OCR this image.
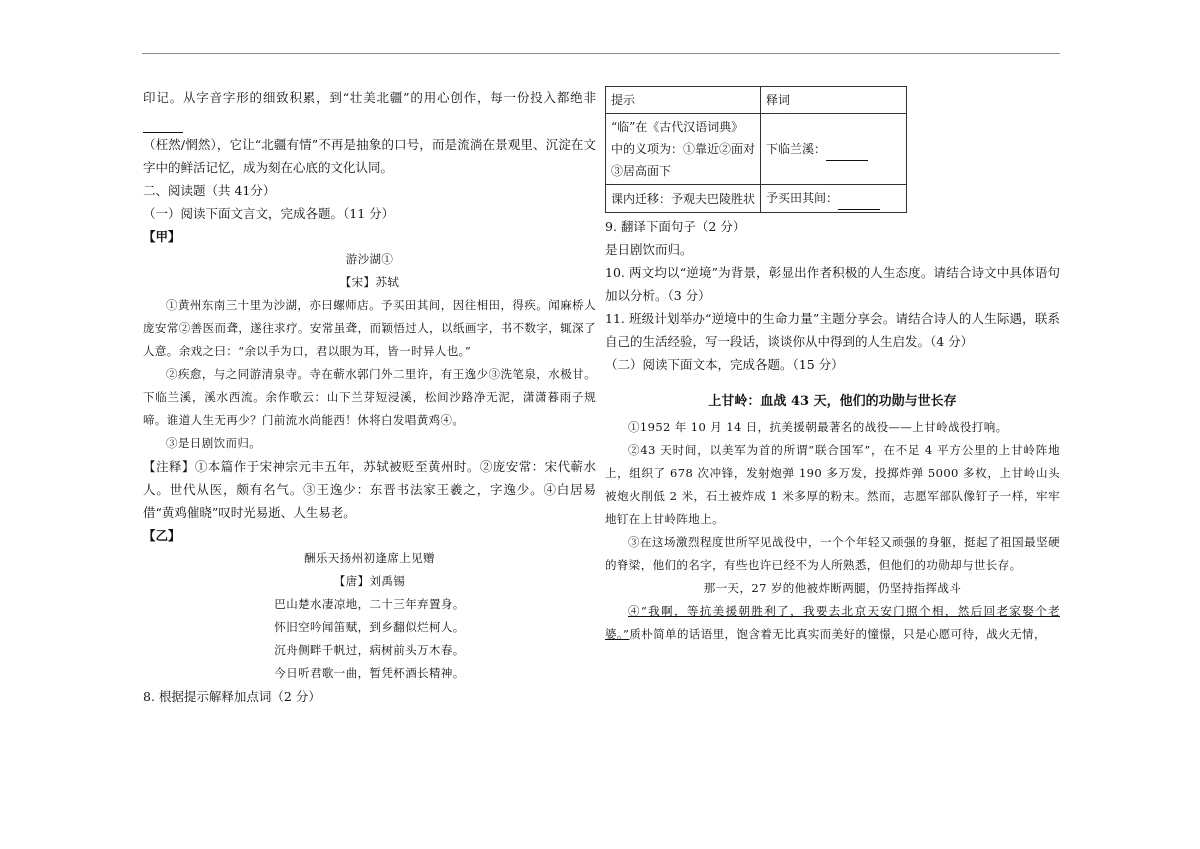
印记。从字音字形的细致积累，到“壮美北疆”的用心创作，每一份投入都绝非

（枉然/惘然），它让“北疆有情”不再是抽象的口号，而是流淌在景观里、沉淀在文字中的鲜活记忆，成为刻在心底的文化认同。

二、阅读题（共 41分）

（一）阅读下面文言文，完成各题。（11 分）

【甲】

游沙湖①

【宋】苏轼

①黄州东南三十里为沙湖，亦曰螺师店。予买田其间，因往相田，得疾。闻麻桥人庞安常②善医而聋，遂往求疗。安常虽聋，而颖悟过人，以纸画字，书不数字，辄深了人意。余戏之曰：“余以手为口，君以眼为耳，皆一时异人也。”

②疾愈，与之同游清泉寺。寺在蕲水郭门外二里许，有王逸少③洗笔泉，水极甘。下临兰溪，溪水西流。余作歌云：山下兰芽短浸溪，松间沙路净无泥，潇潇暮雨子规啼。谁道人生无再少？门前流水尚能西！休将白发唱黄鸡④。

③是日剧饮而归。

【注释】①本篇作于宋神宗元丰五年，苏轼被贬至黄州时。②庞安常：宋代蕲水人。世代从医，颇有名气。③王逸少：东晋书法家王羲之，字逸少。④白居易借“黄鸡催晓”叹时光易逝、人生易老。

【乙】

酬乐天扬州初逢席上见赠

【唐】刘禹锡

巴山楚水凄凉地，二十三年弃置身。

怀旧空吟闻笛赋，到乡翻似烂柯人。

沉舟侧畔千帆过，病树前头万木春。

今日听君歌一曲，暂凭杯酒长精神。

8. 根据提示解释加点词（2 分）

提示	释词
“临”在《古代汉语词典》中的义项为：①靠近②面对③居高面下	下临兰溪：
课内迁移：予观夫巴陵胜状	予买田其间：

9. 翻译下面句子（2 分）

是日剧饮而归。

10. 两文均以“逆境”为背景，彰显出作者积极的人生态度。请结合诗文中具体语句加以分析。（3 分）

11. 班级计划举办“逆境中的生命力量”主题分享会。请结合诗人的人生际遇，联系自己的生活经验，写一段话，谈谈你从中得到的人生启发。（4 分）

（二）阅读下面文本，完成各题。（15 分）

上甘岭：血战 43 天，他们的功勋与世长存

①1952 年 10 月 14 日，抗美援朝最著名的战役——上甘岭战役打响。

②43 天时间，以美军为首的所谓“联合国军”，在不足 4 平方公里的上甘岭阵地上，组织了 678 次冲锋，发射炮弹 190 多万发，投掷炸弹 5000 多枚，上甘岭山头被炮火削低 2 米，石土被炸成 1 米多厚的粉末。然而，志愿军部队像钉子一样，牢牢地钉在上甘岭阵地上。

③在这场激烈程度世所罕见战役中，一个个年轻又顽强的身躯，挺起了祖国最坚硬的脊梁，他们的名字，有些也许已经不为人所熟悉，但他们的功勋却与世长存。

那一天，27 岁的他被炸断两腿，仍坚持指挥战斗

④“我啊，等抗美援朝胜利了，我要去北京天安门照个相，然后回老家娶个老婆。”质朴简单的话语里，饱含着无比真实而美好的憧憬，只是心愿可待，战火无情，
